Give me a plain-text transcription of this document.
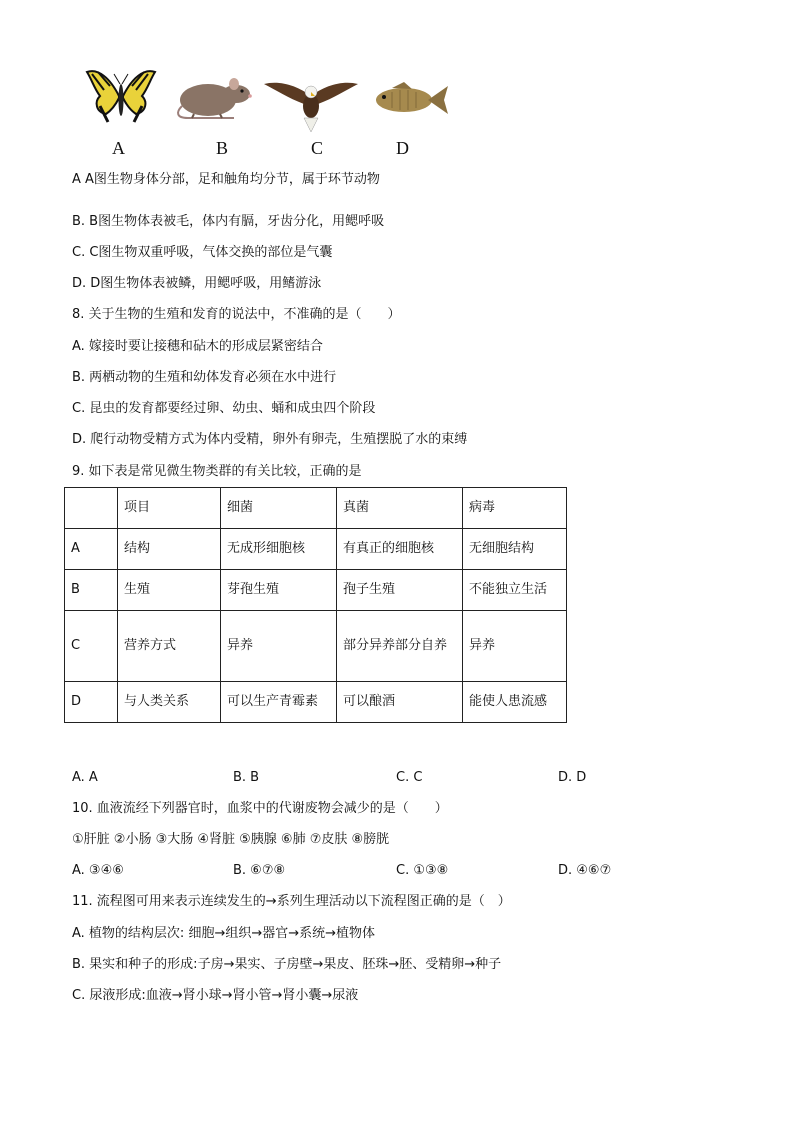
A	B	C	D
A A图生物身体分部，足和触角均分节，属于环节动物
B. B图生物体表被毛，体内有膈，牙齿分化，用鳃呼吸
C. C图生物双重呼吸，气体交换的部位是气囊
D. D图生物体表被鳞，用鳃呼吸，用鳍游泳
8. 关于生物的生殖和发育的说法中，不准确的是（　　）
A. 嫁接时要让接穗和砧木的形成层紧密结合
B. 两栖动物的生殖和幼体发育必须在水中进行
C. 昆虫的发育都要经过卵、幼虫、蛹和成虫四个阶段
D. 爬行动物受精方式为体内受精，卵外有卵壳，生殖摆脱了水的束缚
9. 如下表是常见微生物类群的有关比较，正确的是
	项目	细菌	真菌	病毒
A	结构	无成形细胞核	有真正的细胞核	无细胞结构
B	生殖	芽孢生殖	孢子生殖	不能独立生活
C	营养方式	异养	部分异养部分自养	异养
D	与人类关系	可以生产青霉素	可以酿酒	能使人患流感
A. A	B. B	C. C	D. D
10. 血液流经下列器官时，血浆中的代谢废物会减少的是（　　）
①肝脏 ②小肠 ③大肠 ④肾脏 ⑤胰腺 ⑥肺 ⑦皮肤 ⑧膀胱
A. ③④⑥	B. ⑥⑦⑧	C. ①③⑧	D. ④⑥⑦
11. 流程图可用来表示连续发生的→系列生理活动以下流程图正确的是（　）
A. 植物的结构层次: 细胞→组织→器官→系统→植物体
B. 果实和种子的形成:子房→果实、子房壁→果皮、胚珠→胚、受精卵→种子
C. 尿液形成:血液→肾小球→肾小管→肾小囊→尿液
